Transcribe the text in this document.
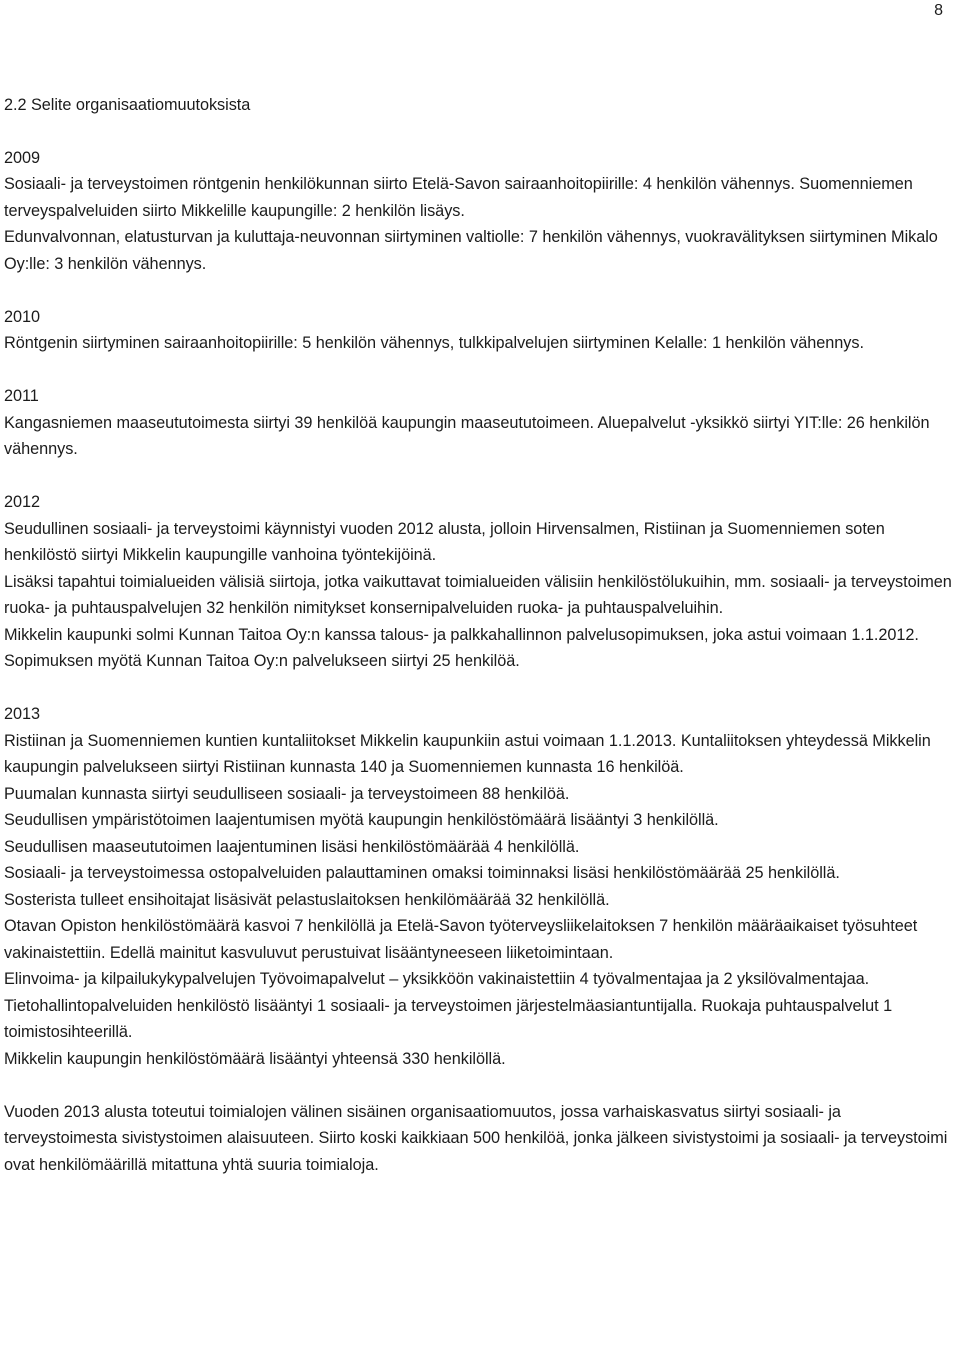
8

2.2 Selite organisaatiomuutoksista

2009

Sosiaali- ja terveystoimen röntgenin henkilökunnan siirto Etelä-Savon sairaanhoitopiirille: 4 henkilön vähennys. Suomenniemen terveyspalveluiden siirto Mikkelille kaupungille: 2 henkilön lisäys.

Edunvalvonnan, elatusturvan ja kuluttaja-neuvonnan siirtyminen valtiolle: 7 henkilön vähennys, vuokravälityksen siirtyminen Mikalo Oy:lle: 3 henkilön vähennys.

2010

Röntgenin siirtyminen sairaanhoitopiirille: 5 henkilön vähennys, tulkkipalvelujen siirtyminen Kelalle: 1 henkilön vähennys.

2011

Kangasniemen maaseututoimesta siirtyi 39 henkilöä kaupungin maaseututoimeen. Aluepalvelut -yksikkö siirtyi YIT:lle: 26 henkilön vähennys.

2012

Seudullinen sosiaali- ja terveystoimi käynnistyi vuoden 2012 alusta, jolloin Hirvensalmen, Ristiinan ja Suomenniemen soten henkilöstö siirtyi Mikkelin kaupungille vanhoina työntekijöinä.

Lisäksi tapahtui toimialueiden välisiä siirtoja, jotka vaikuttavat toimialueiden välisiin henkilöstölukuihin, mm. sosiaali- ja terveystoimen ruoka- ja puhtauspalvelujen 32 henkilön nimitykset konsernipalveluiden ruoka- ja puhtauspalveluihin.

Mikkelin kaupunki solmi Kunnan Taitoa Oy:n kanssa talous- ja palkkahallinnon palvelusopimuksen, joka astui voimaan 1.1.2012. Sopimuksen myötä Kunnan Taitoa Oy:n palvelukseen siirtyi 25 henkilöä.

2013

Ristiinan ja Suomenniemen kuntien kuntaliitokset Mikkelin kaupunkiin astui voimaan 1.1.2013. Kuntaliitoksen yhteydessä Mikkelin kaupungin palvelukseen siirtyi Ristiinan kunnasta 140 ja Suomenniemen kunnasta 16 henkilöä.

Puumalan kunnasta siirtyi seudulliseen sosiaali- ja terveystoimeen 88 henkilöä.

Seudullisen ympäristötoimen laajentumisen myötä kaupungin henkilöstömäärä lisääntyi 3 henkilöllä.

Seudullisen maaseututoimen laajentuminen lisäsi henkilöstömäärää 4 henkilöllä.

Sosiaali- ja terveystoimessa ostopalveluiden palauttaminen omaksi toiminnaksi lisäsi henkilöstömäärää 25 henkilöllä.

Sosterista tulleet ensihoitajat lisäsivät pelastuslaitoksen henkilömäärää 32 henkilöllä.

Otavan Opiston henkilöstömäärä kasvoi 7 henkilöllä ja Etelä-Savon työterveysliikelaitoksen 7 henkilön määräaikaiset työsuhteet vakinaistettiin. Edellä mainitut kasvuluvut perustuivat lisääntyneeseen liiketoimintaan.

Elinvoima- ja kilpailukykypalvelujen Työvoimapalvelut – yksikköön vakinaistettiin 4 työvalmentajaa ja 2 yksilövalmentajaa.

Tietohallintopalveluiden henkilöstö lisääntyi 1 sosiaali- ja terveystoimen järjestelmäasiantuntijalla. Ruokaja puhtauspalvelut 1 toimistosihteerillä.

Mikkelin kaupungin henkilöstömäärä lisääntyi yhteensä 330 henkilöllä.

Vuoden 2013 alusta toteutui toimialojen välinen sisäinen organisaatiomuutos, jossa varhaiskasvatus siirtyi sosiaali- ja terveystoimesta sivistystoimen alaisuuteen. Siirto koski kaikkiaan 500 henkilöä, jonka jälkeen sivistystoimi ja sosiaali- ja terveystoimi ovat henkilömäärillä mitattuna yhtä suuria toimialoja.
